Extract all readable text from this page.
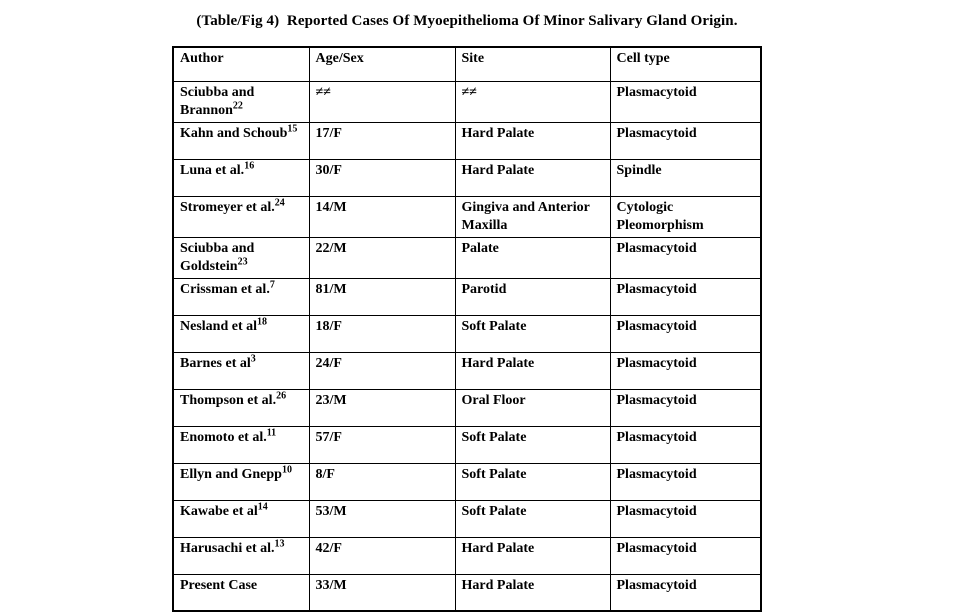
(Table/Fig 4)  Reported Cases Of Myoepithelioma Of Minor Salivary Gland Origin.
Author	Age/Sex	Site	Cell type
Sciubba and Brannon$^{22}$	≠≠	≠≠	Plasmacytoid
Kahn and Schoub$^{15}$	17/F	Hard Palate	Plasmacytoid
Luna et al.$^{16}$	30/F	Hard Palate	Spindle
Stromeyer et al.$^{24}$	14/M	Gingiva and Anterior Maxilla	Cytologic Pleomorphism
Sciubba and Goldstein$^{23}$	22/M	Palate	Plasmacytoid
Crissman et al.$^7$	81/M	Parotid	Plasmacytoid
Nesland et al$^{18}$	18/F	Soft Palate	Plasmacytoid
Barnes et al$^3$	24/F	Hard Palate	Plasmacytoid
Thompson et al.$^{26}$	23/M	Oral Floor	Plasmacytoid
Enomoto et al.$^{11}$	57/F	Soft Palate	Plasmacytoid
Ellyn and Gnepp$^{10}$	8/F	Soft Palate	Plasmacytoid
Kawabe et al$^{14}$	53/M	Soft Palate	Plasmacytoid
Harusachi et al.$^{13}$	42/F	Hard Palate	Plasmacytoid
Present Case	33/M	Hard Palate	Plasmacytoid
